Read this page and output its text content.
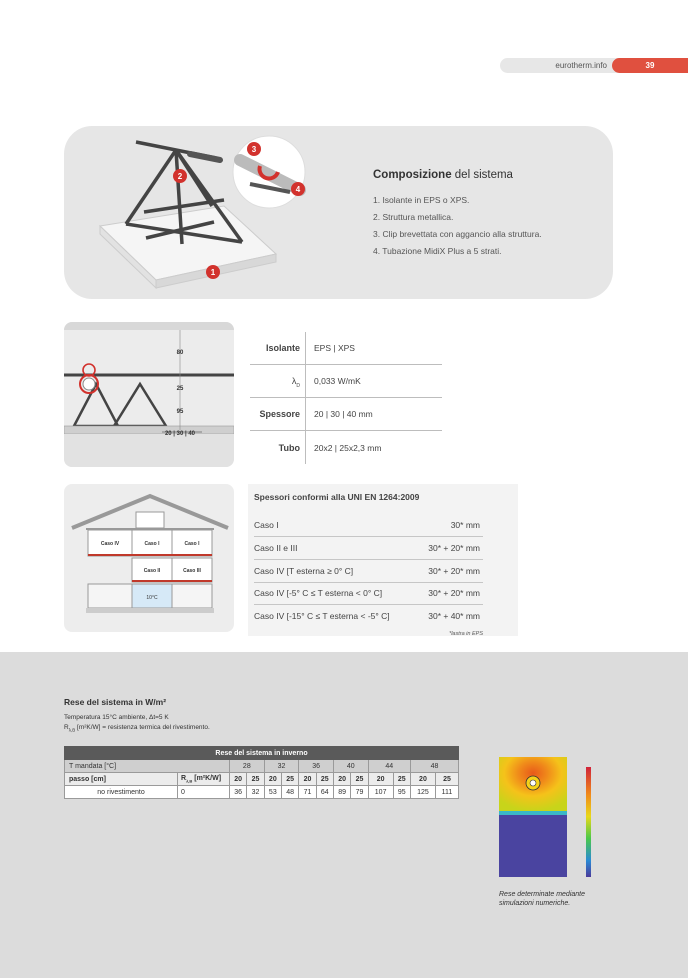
eurotherm.info	39
1
2
3
4
Composizione del sistema
1. Isolante in EPS o XPS.
2. Struttura metallica.
3. Clip brevettata con aggancio alla struttura.
4. Tubazione MidiX Plus a 5 strati.
80
25
95
20 | 30 | 40
Isolante EPS | XPS
$\lambda_D$ 0,033 W/mK
Spessore 20 | 30 | 40 mm
Tubo 20x2 | 25x2,3 mm
Caso IV	Caso I	Caso I
Caso II	Caso III
10°C
Spessori conformi alla UNI EN 1264:2009
Caso I	30* mm
Caso II e III	30* + 20* mm
Caso IV [T esterna ≥ 0° C]	30* + 20* mm
Caso IV [-5° C ≤ T esterna < 0° C]	30* + 20* mm
Caso IV [-15° C ≤ T esterna < -5° C]	30* + 40* mm
*lastra in EPS
Rese del sistema in W/m²
Temperatura 15°C ambiente, Δt=5 K
$R_{\lambda,B}$ [m²K/W] = resistenza termica del rivestimento.
Rese del sistema in inverno													
T mandata [°C]		28		32		36		40		44		48	
passo [cm]	$R_{\lambda,B}$ [m²K/W]	20	25	20	25	20	25	20	25	20	25	20	25
no rivestimento	0	36	32	53	48	71	64	89	79	107	95	125	111
Rese determinate mediante
simulazioni numeriche.
